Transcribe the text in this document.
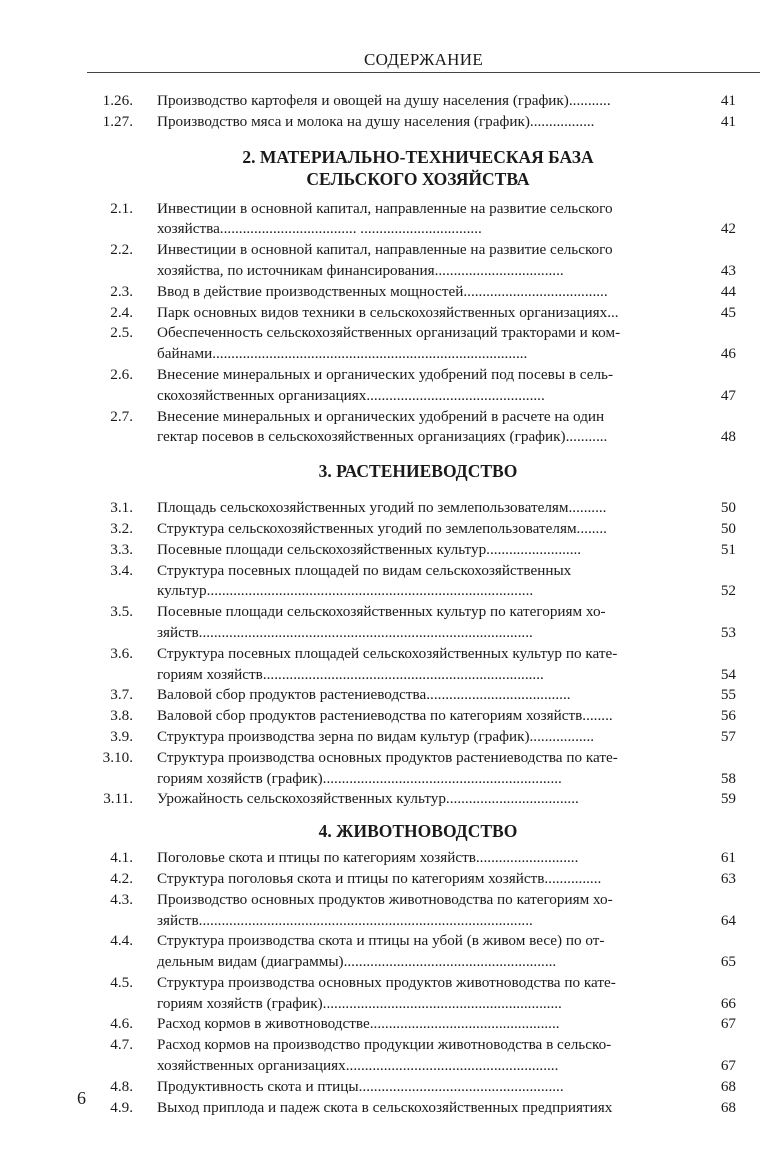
СОДЕРЖАНИЕ
1.26. Производство картофеля и овощей на душу населения (график)...........	41
1.27. Производство мяса и молока на душу населения (график).................	41
2. МАТЕРИАЛЬНО-ТЕХНИЧЕСКАЯ БАЗА
СЕЛЬСКОГО ХОЗЯЙСТВА
2.1. Инвестиции в основной капитал, направленные на развитие сельского
хозяйства.................................... ................................	42
2.2. Инвестиции в основной капитал, направленные на развитие сельского
хозяйства, по источникам финансирования..................................	43
2.3. Ввод в действие производственных мощностей......................................	44
2.4. Парк основных видов техники в сельскохозяйственных организациях...	45
2.5. Обеспеченность сельскохозяйственных организаций тракторами и ком-
байнами...................................................................................	46
2.6. Внесение минеральных и органических удобрений под посевы в сель-
скохозяйственных организациях...............................................	47
2.7. Внесение минеральных и органических удобрений в расчете на один
гектар посевов в сельскохозяйственных организациях (график)...........	48
3. РАСТЕНИЕВОДСТВО
3.1. Площадь сельскохозяйственных угодий по землепользователям..........	50
3.2. Структура сельскохозяйственных угодий по землепользователям........	50
3.3. Посевные площади сельскохозяйственных культур.........................	51
3.4. Структура посевных площадей по видам сельскохозяйственных
культур......................................................................................	52
3.5. Посевные площади сельскохозяйственных культур по категориям хо-
зяйств........................................................................................	53
3.6. Структура посевных площадей сельскохозяйственных культур по кате-
гориям хозяйств..........................................................................	54
3.7. Валовой сбор продуктов растениеводства......................................	55
3.8. Валовой сбор продуктов растениеводства по категориям хозяйств........	56
3.9. Структура производства зерна по видам культур (график).................	57
3.10. Структура производства основных продуктов растениеводства по кате-
гориям хозяйств (график)...............................................................	58
3.11. Урожайность сельскохозяйственных культур...................................	59
4. ЖИВОТНОВОДСТВО
4.1. Поголовье скота и птицы по категориям хозяйств...........................	61
4.2. Структура поголовья скота и птицы по категориям хозяйств...............	63
4.3. Производство основных продуктов животноводства по категориям хо-
зяйств........................................................................................	64
4.4. Структура производства скота и птицы на убой (в живом весе) по от-
дельным видам (диаграммы)........................................................	65
4.5. Структура производства основных продуктов животноводства по кате-
гориям хозяйств (график)...............................................................	66
4.6. Расход кормов в животноводстве..................................................	67
4.7. Расход кормов на производство продукции животноводства в сельско-
хозяйственных организациях........................................................	67
4.8. Продуктивность скота и птицы......................................................	68
4.9. Выход приплода и падеж скота в сельскохозяйственных предприятиях	68
6
